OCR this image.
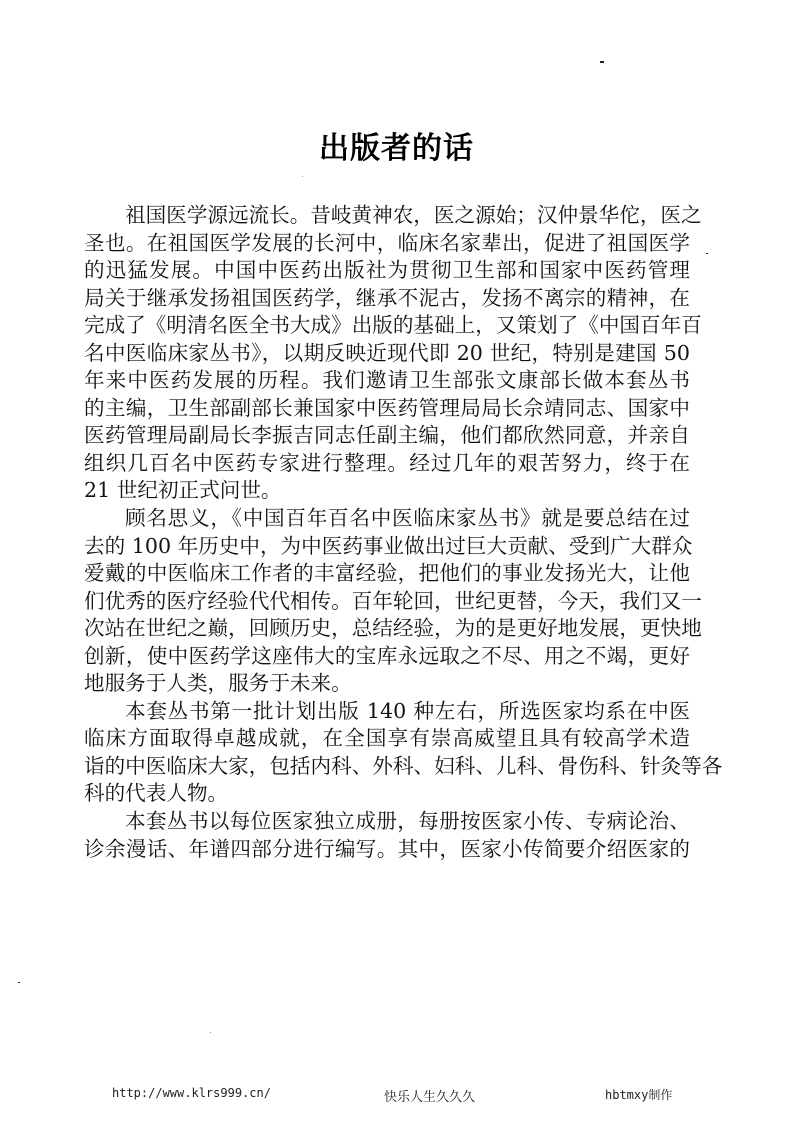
出版者的话
祖国医学源远流长。昔岐黄神农，医之源始；汉仲景华佗，医之
圣也。在祖国医学发展的长河中，临床名家辈出，促进了祖国医学
的迅猛发展。中国中医药出版社为贯彻卫生部和国家中医药管理
局关于继承发扬祖国医药学，继承不泥古，发扬不离宗的精神，在
完成了《明清名医全书大成》出版的基础上，又策划了《中国百年百
名中医临床家丛书》，以期反映近现代即 20 世纪，特别是建国 50
年来中医药发展的历程。我们邀请卫生部张文康部长做本套丛书
的主编，卫生部副部长兼国家中医药管理局局长佘靖同志、国家中
医药管理局副局长李振吉同志任副主编，他们都欣然同意，并亲自
组织几百名中医药专家进行整理。经过几年的艰苦努力，终于在
21 世纪初正式问世。
顾名思义，《中国百年百名中医临床家丛书》就是要总结在过
去的 100 年历史中，为中医药事业做出过巨大贡献、受到广大群众
爱戴的中医临床工作者的丰富经验，把他们的事业发扬光大，让他
们优秀的医疗经验代代相传。百年轮回，世纪更替，今天，我们又一
次站在世纪之巅，回顾历史，总结经验，为的是更好地发展，更快地
创新，使中医药学这座伟大的宝库永远取之不尽、用之不竭，更好
地服务于人类，服务于未来。
本套丛书第一批计划出版 140 种左右，所选医家均系在中医
临床方面取得卓越成就，在全国享有崇高威望且具有较高学术造
诣的中医临床大家，包括内科、外科、妇科、儿科、骨伤科、针灸等各
科的代表人物。
本套丛书以每位医家独立成册，每册按医家小传、专病论治、
诊余漫话、年谱四部分进行编写。其中，医家小传简要介绍医家的
http://www.klrs999.cn/	快乐人生久久久	hbtmxy制作
